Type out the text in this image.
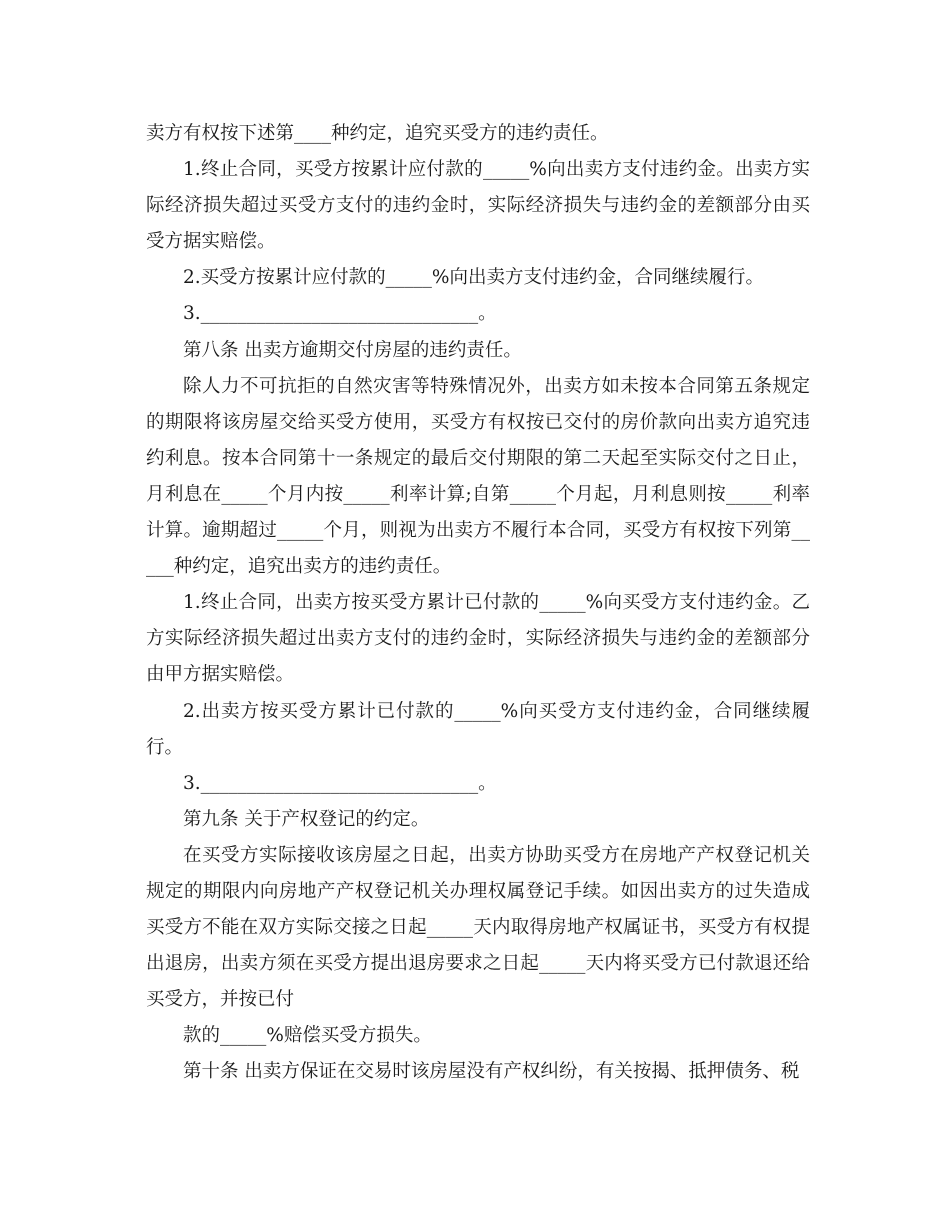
卖方有权按下述第____种约定，追究买受方的违约责任。

1.终止合同，买受方按累计应付款的_____%向出卖方支付违约金。出卖方实际经济损失超过买受方支付的违约金时，实际经济损失与违约金的差额部分由买受方据实赔偿。

2.买受方按累计应付款的_____%向出卖方支付违约金，合同继续履行。

3.______________________________。

第八条 出卖方逾期交付房屋的违约责任。

除人力不可抗拒的自然灾害等特殊情况外，出卖方如未按本合同第五条规定的期限将该房屋交给买受方使用，买受方有权按已交付的房价款向出卖方追究违约利息。按本合同第十一条规定的最后交付期限的第二天起至实际交付之日止，月利息在_____个月内按_____利率计算;自第_____个月起，月利息则按_____利率计算。逾期超过_____个月，则视为出卖方不履行本合同，买受方有权按下列第_____种约定，追究出卖方的违约责任。

1.终止合同，出卖方按买受方累计已付款的_____%向买受方支付违约金。乙方实际经济损失超过出卖方支付的违约金时，实际经济损失与违约金的差额部分由甲方据实赔偿。

2.出卖方按买受方累计已付款的_____%向买受方支付违约金，合同继续履行。

3.______________________________。

第九条 关于产权登记的约定。

在买受方实际接收该房屋之日起，出卖方协助买受方在房地产产权登记机关规定的期限内向房地产产权登记机关办理权属登记手续。如因出卖方的过失造成买受方不能在双方实际交接之日起_____天内取得房地产权属证书，买受方有权提出退房，出卖方须在买受方提出退房要求之日起_____天内将买受方已付款退还给买受方，并按已付

款的_____%赔偿买受方损失。

第十条 出卖方保证在交易时该房屋没有产权纠纷，有关按揭、抵押债务、税
